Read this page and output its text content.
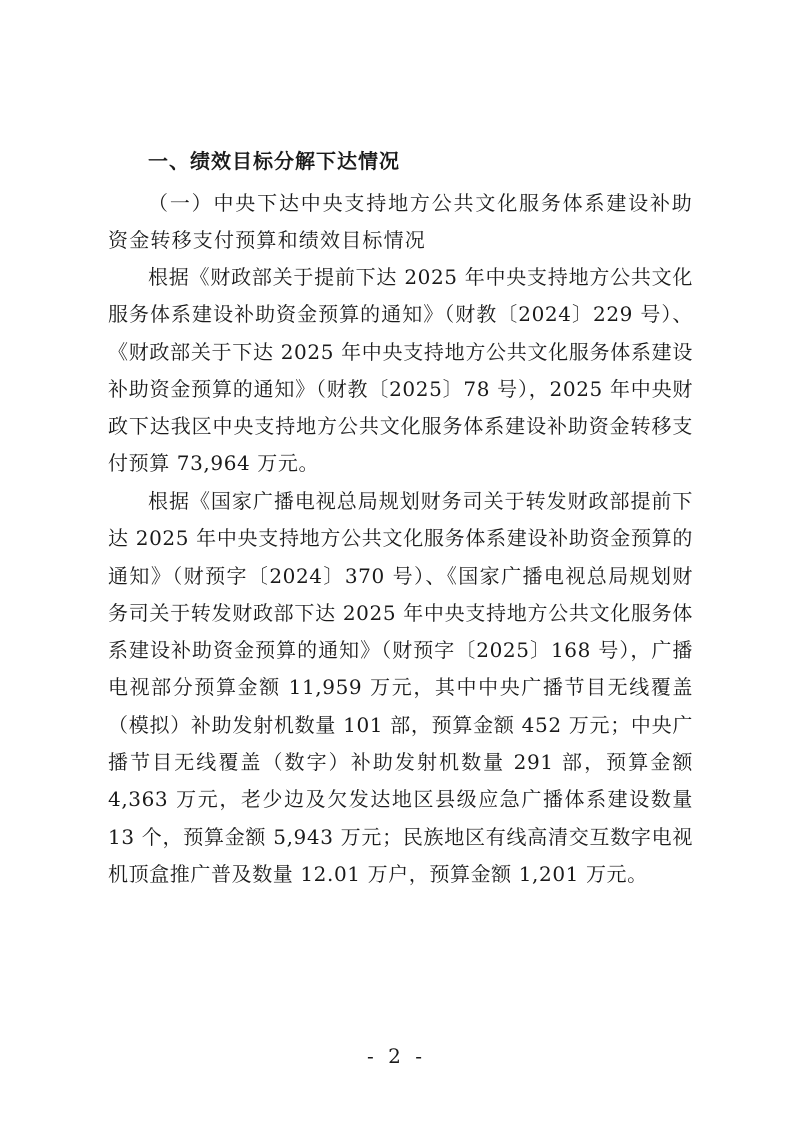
一、绩效目标分解下达情况
（一）中央下达中央支持地方公共文化服务体系建设补助资金转移支付预算和绩效目标情况
根据《财政部关于提前下达 2025 年中央支持地方公共文化服务体系建设补助资金预算的通知》（财教〔2024〕229 号）、《财政部关于下达 2025 年中央支持地方公共文化服务体系建设补助资金预算的通知》（财教〔2025〕78 号），2025 年中央财政下达我区中央支持地方公共文化服务体系建设补助资金转移支付预算 73,964 万元。
根据《国家广播电视总局规划财务司关于转发财政部提前下达 2025 年中央支持地方公共文化服务体系建设补助资金预算的通知》（财预字〔2024〕370 号）、《国家广播电视总局规划财务司关于转发财政部下达 2025 年中央支持地方公共文化服务体系建设补助资金预算的通知》（财预字〔2025〕168 号），广播电视部分预算金额 11,959 万元，其中中央广播节目无线覆盖（模拟）补助发射机数量 101 部，预算金额 452 万元；中央广播节目无线覆盖（数字）补助发射机数量 291 部，预算金额 4,363 万元，老少边及欠发达地区县级应急广播体系建设数量 13 个，预算金额 5,943 万元；民族地区有线高清交互数字电视机顶盒推广普及数量 12.01 万户，预算金额 1,201 万元。
- 2 -
